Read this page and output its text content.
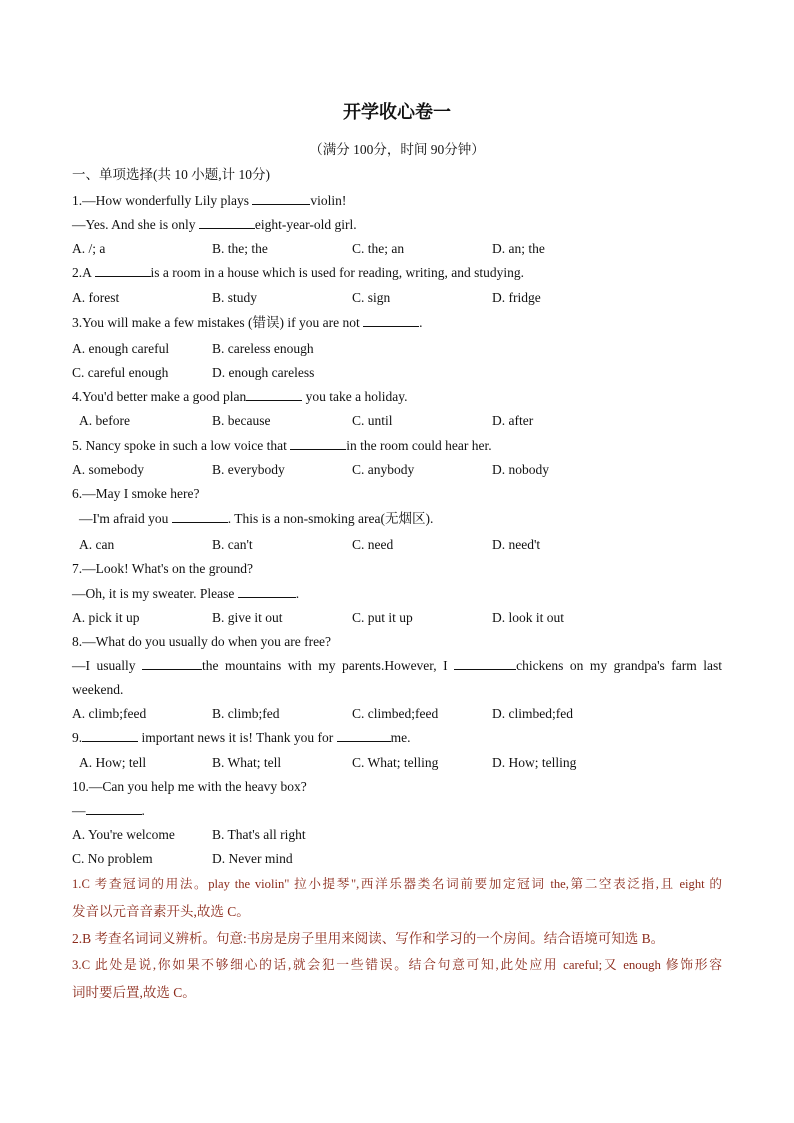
开学收心卷一
（满分 100分，时间 90分钟）
一、单项选择(共 10 小题,计 10分)
1.—How wonderfully Lily plays	violin!
—Yes. And she is only	eight-year-old girl.
A. /; a	B. the; the	C. the; an	D. an; the
2.A	is a room in a house which is used for reading, writing, and studying.
A. forest	B. study	C. sign	D. fridge
3.You will make a few mistakes (错误) if you are not	.
A. enough careful	B. careless enough
C. careful enough	D. enough careless
4.You'd better make a good plan	you take a holiday.
A. before	B. because	C. until	D. after
5. Nancy spoke in such a low voice that	in the room could hear her.
A. somebody	B. everybody	C. anybody	D. nobody
6.—May I smoke here?
—I'm afraid you	. This is a non-smoking area(无烟区).
A. can	B. can't	C. need	D. need't
7.—Look! What's on the ground?
—Oh, it is my sweater. Please	.
A. pick it up	B. give it out	C. put it up	D. look it out
8.—What do you usually do when you are free?
—I usually	the mountains with my parents.However, I	chickens on my grandpa's farm last
weekend.
A. climb;feed	B. climb;fed	C. climbed;feed	D. climbed;fed
9.	important news it is! Thank you for	me.
A. How; tell	B. What; tell	C. What; telling	D. How; telling
10.—Can you help me with the heavy box?
—	.
A. You're welcome	B. That's all right
C. No problem	D. Never mind
1.C 考查冠词的用法。play the violin" 拉小提琴",西洋乐器类名词前要加定冠词 the,第二空表泛指,且 eight 的
发音以元音音素开头,故选 C。
2.B 考查名词词义辨析。句意:书房是房子里用来阅读、写作和学习的一个房间。结合语境可知选 B。
3.C 此处是说,你如果不够细心的话,就会犯一些错误。结合句意可知,此处应用 careful;又 enough 修饰形容
词时要后置,故选 C。
